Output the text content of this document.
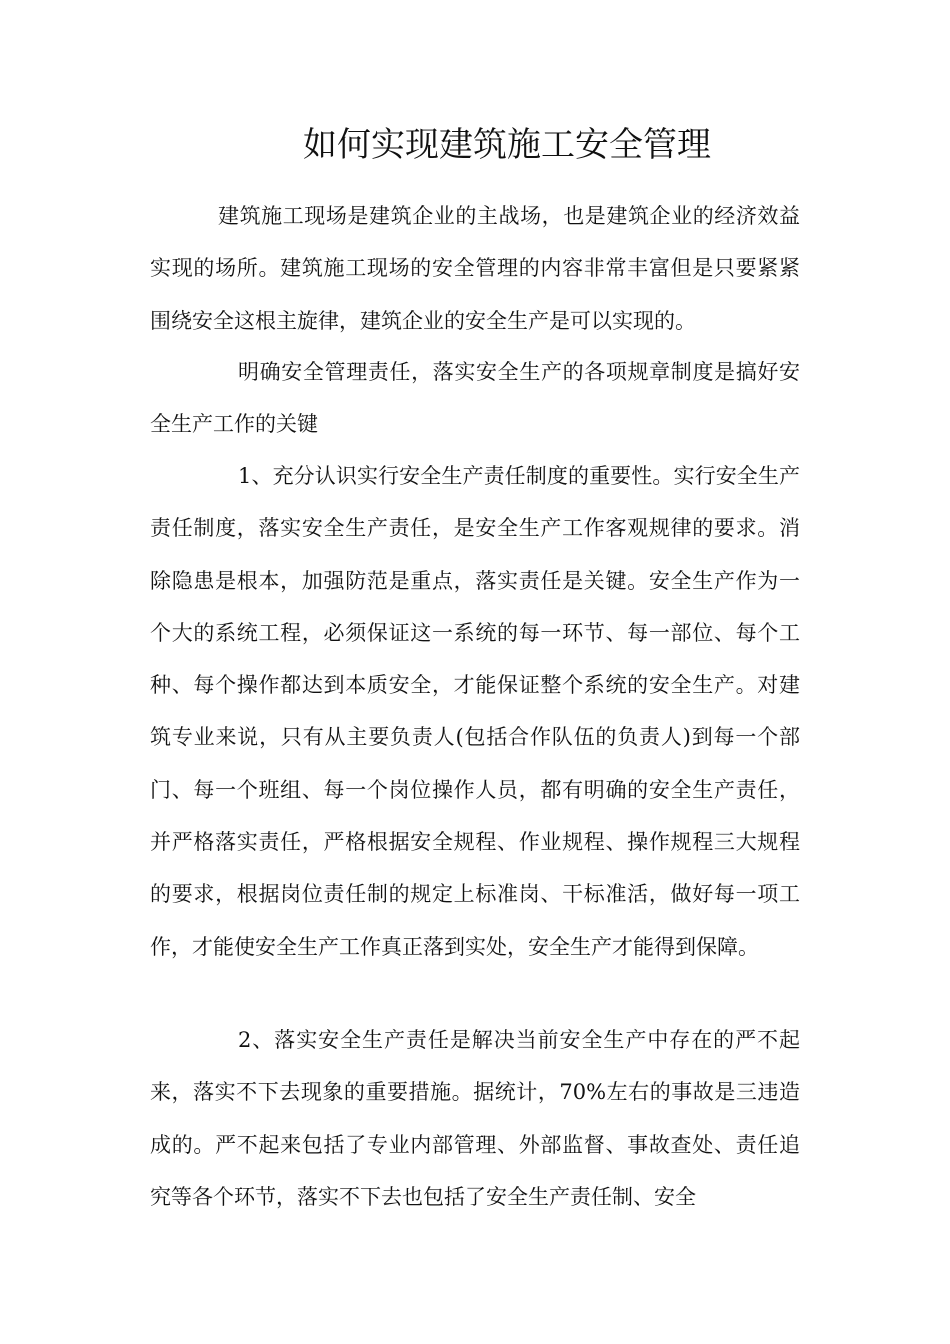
如何实现建筑施工安全管理

建筑施工现场是建筑企业的主战场，也是建筑企业的经济效益实现的场所。建筑施工现场的安全管理的内容非常丰富但是只要紧紧围绕安全这根主旋律，建筑企业的安全生产是可以实现的。

明确安全管理责任，落实安全生产的各项规章制度是搞好安全生产工作的关键

1、充分认识实行安全生产责任制度的重要性。实行安全生产责任制度，落实安全生产责任，是安全生产工作客观规律的要求。消除隐患是根本，加强防范是重点，落实责任是关键。安全生产作为一个大的系统工程，必须保证这一系统的每一环节、每一部位、每个工种、每个操作都达到本质安全，才能保证整个系统的安全生产。对建筑专业来说，只有从主要负责人(包括合作队伍的负责人)到每一个部门、每一个班组、每一个岗位操作人员，都有明确的安全生产责任，并严格落实责任，严格根据安全规程、作业规程、操作规程三大规程的要求，根据岗位责任制的规定上标准岗、干标准活，做好每一项工作，才能使安全生产工作真正落到实处，安全生产才能得到保障。

2、落实安全生产责任是解决当前安全生产中存在的严不起来，落实不下去现象的重要措施。据统计，70%左右的事故是三违造成的。严不起来包括了专业内部管理、外部监督、事故查处、责任追究等各个环节，落实不下去也包括了安全生产责任制、安全
